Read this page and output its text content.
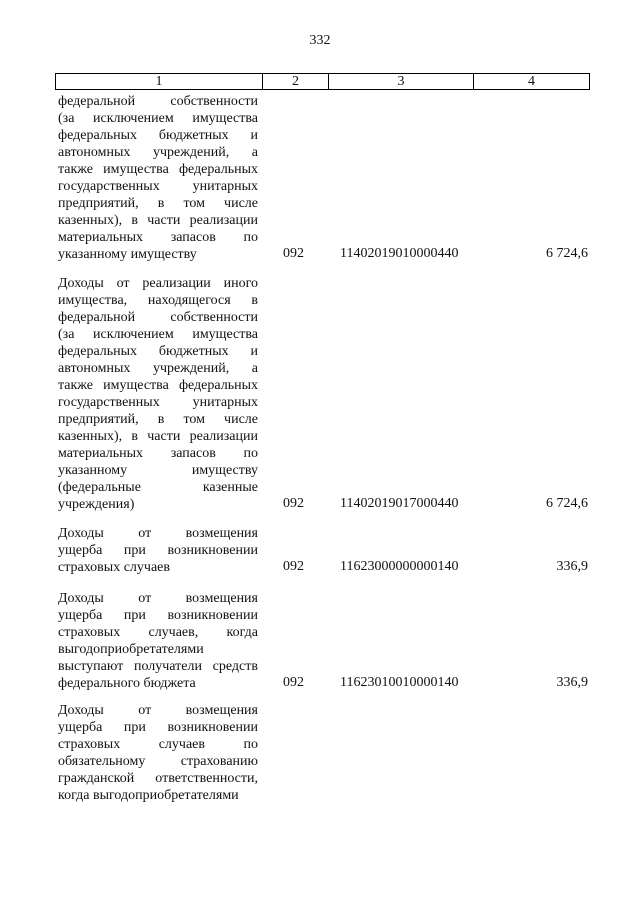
332
1	2	3	4
федеральной собственности
(за исключением имущества
федеральных бюджетных и
автономных учреждений, а
также имущества федеральных
государственных унитарных
предприятий, в том числе
казенных), в части реализации
материальных запасов по
указанному имуществу	092	11402019010000440	6 724,6
Доходы от реализации иного
имущества, находящегося в
федеральной собственности
(за исключением имущества
федеральных бюджетных и
автономных учреждений, а
также имущества федеральных
государственных унитарных
предприятий, в том числе
казенных), в части реализации
материальных запасов по
указанному имуществу
(федеральные казенные
учреждения)	092	11402019017000440	6 724,6
Доходы от возмещения
ущерба при возникновении
страховых случаев	092	11623000000000140	336,9
Доходы от возмещения
ущерба при возникновении
страховых случаев, когда
выгодоприобретателями
выступают получатели средств
федерального бюджета	092	11623010010000140	336,9
Доходы от возмещения
ущерба при возникновении
страховых случаев по
обязательному страхованию
гражданской ответственности,
когда выгодоприобретателями
